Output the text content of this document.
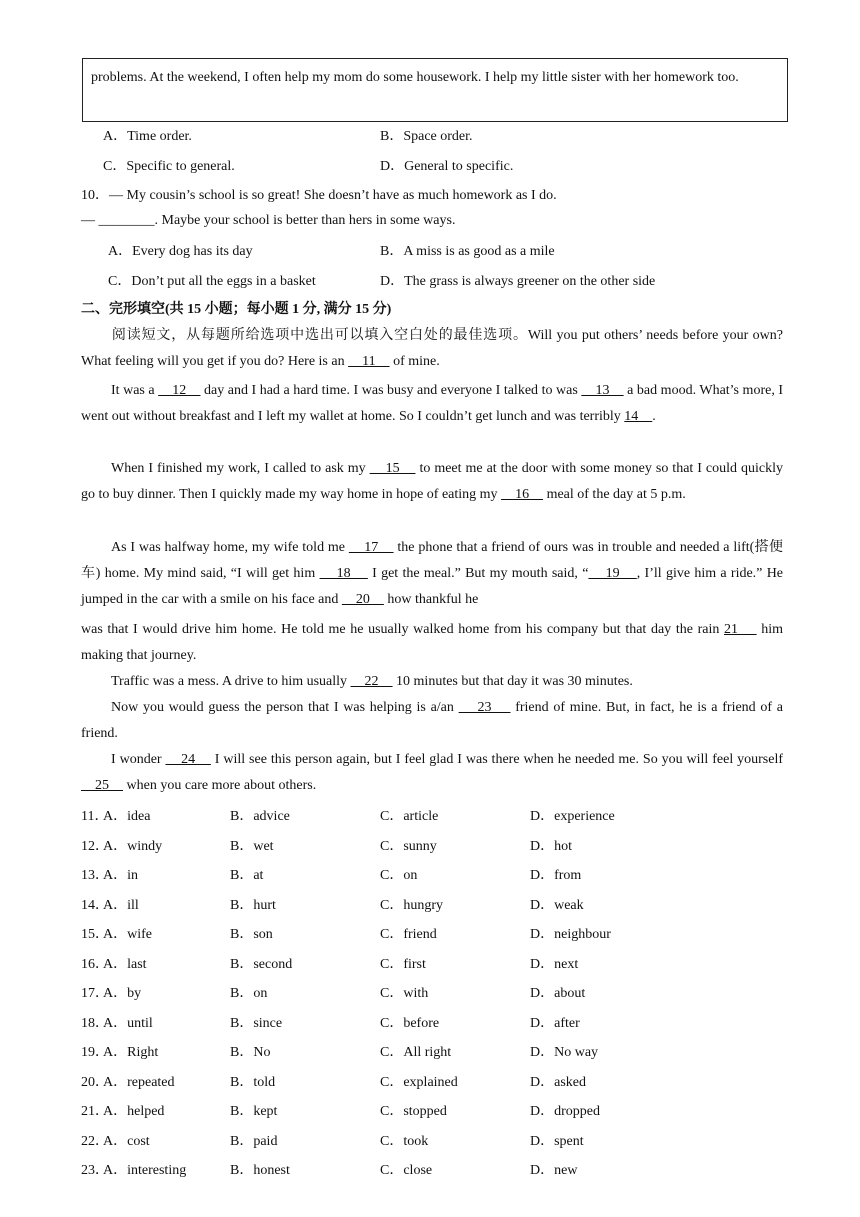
problems. At the weekend, I often help my mom do some housework. I help my little sister with her homework too.
A．Time order.	B．Space order.
C．Specific to general.	D．General to specific.
10．— My cousin’s school is so great! She doesn’t have as much homework as I do.
— ________. Maybe your school is better than hers in some ways.
A．Every dog has its day	B．A miss is as good as a mile
C．Don’t put all the eggs in a basket	D．The grass is always greener on the other side
二、完形填空(共 15 小题；每小题 1 分, 满分 15 分)
阅读短文，从每题所给选项中选出可以填入空白处的最佳选项。Will you put others’ needs before your own? What feeling will you get if you do? Here is an     11     of mine.
It was a     12     day and I had a hard time. I was busy and everyone I talked to was     13     a bad mood. What’s more, I went out without breakfast and I left my wallet at home. So I couldn’t get lunch and was terribly 14    .
When I finished my work, I called to ask my     15     to meet me at the door with some money so that I could quickly go to buy dinner. Then I quickly made my way home in hope of eating my     16     meal of the day at 5 p.m.
As I was halfway home, my wife told me     17     the phone that a friend of ours was in trouble and needed a lift(搭便车) home. My mind said, “I will get him     18     I get the meal.” But my mouth said, “    19    , I’ll give him a ride.” He jumped in the car with a smile on his face and     20     how thankful he
was that I would drive him home. He told me he usually walked home from his company but that day the rain 21     him making that journey.
Traffic was a mess. A drive to him usually     22     10 minutes but that day it was 30 minutes.
Now you would guess the person that I was helping is a/an     23     friend of mine. But, in fact, he is a friend of a friend.
I wonder     24     I will see this person again, but I feel glad I was there when he needed me. So you will feel yourself     25     when you care more about others.
11．
A．idea	B．advice	C．article	D．experience
12．
A．windy	B．wet	C．sunny	D．hot
13．
A．in	B．at	C．on	D．from
14．
A．ill	B．hurt	C．hungry	D．weak
15．
A．wife	B．son	C．friend	D．neighbour
16．
A．last	B．second	C．first	D．next
17．
A．by	B．on	C．with	D．about
18．
A．until	B．since	C．before	D．after
19．
A．Right	B．No	C．All right	D．No way
20．
A．repeated	B．told	C．explained	D．asked
21．
A．helped	B．kept	C．stopped	D．dropped
22．
A．cost	B．paid	C．took	D．spent
23．
A．interesting	B．honest	C．close	D．new
